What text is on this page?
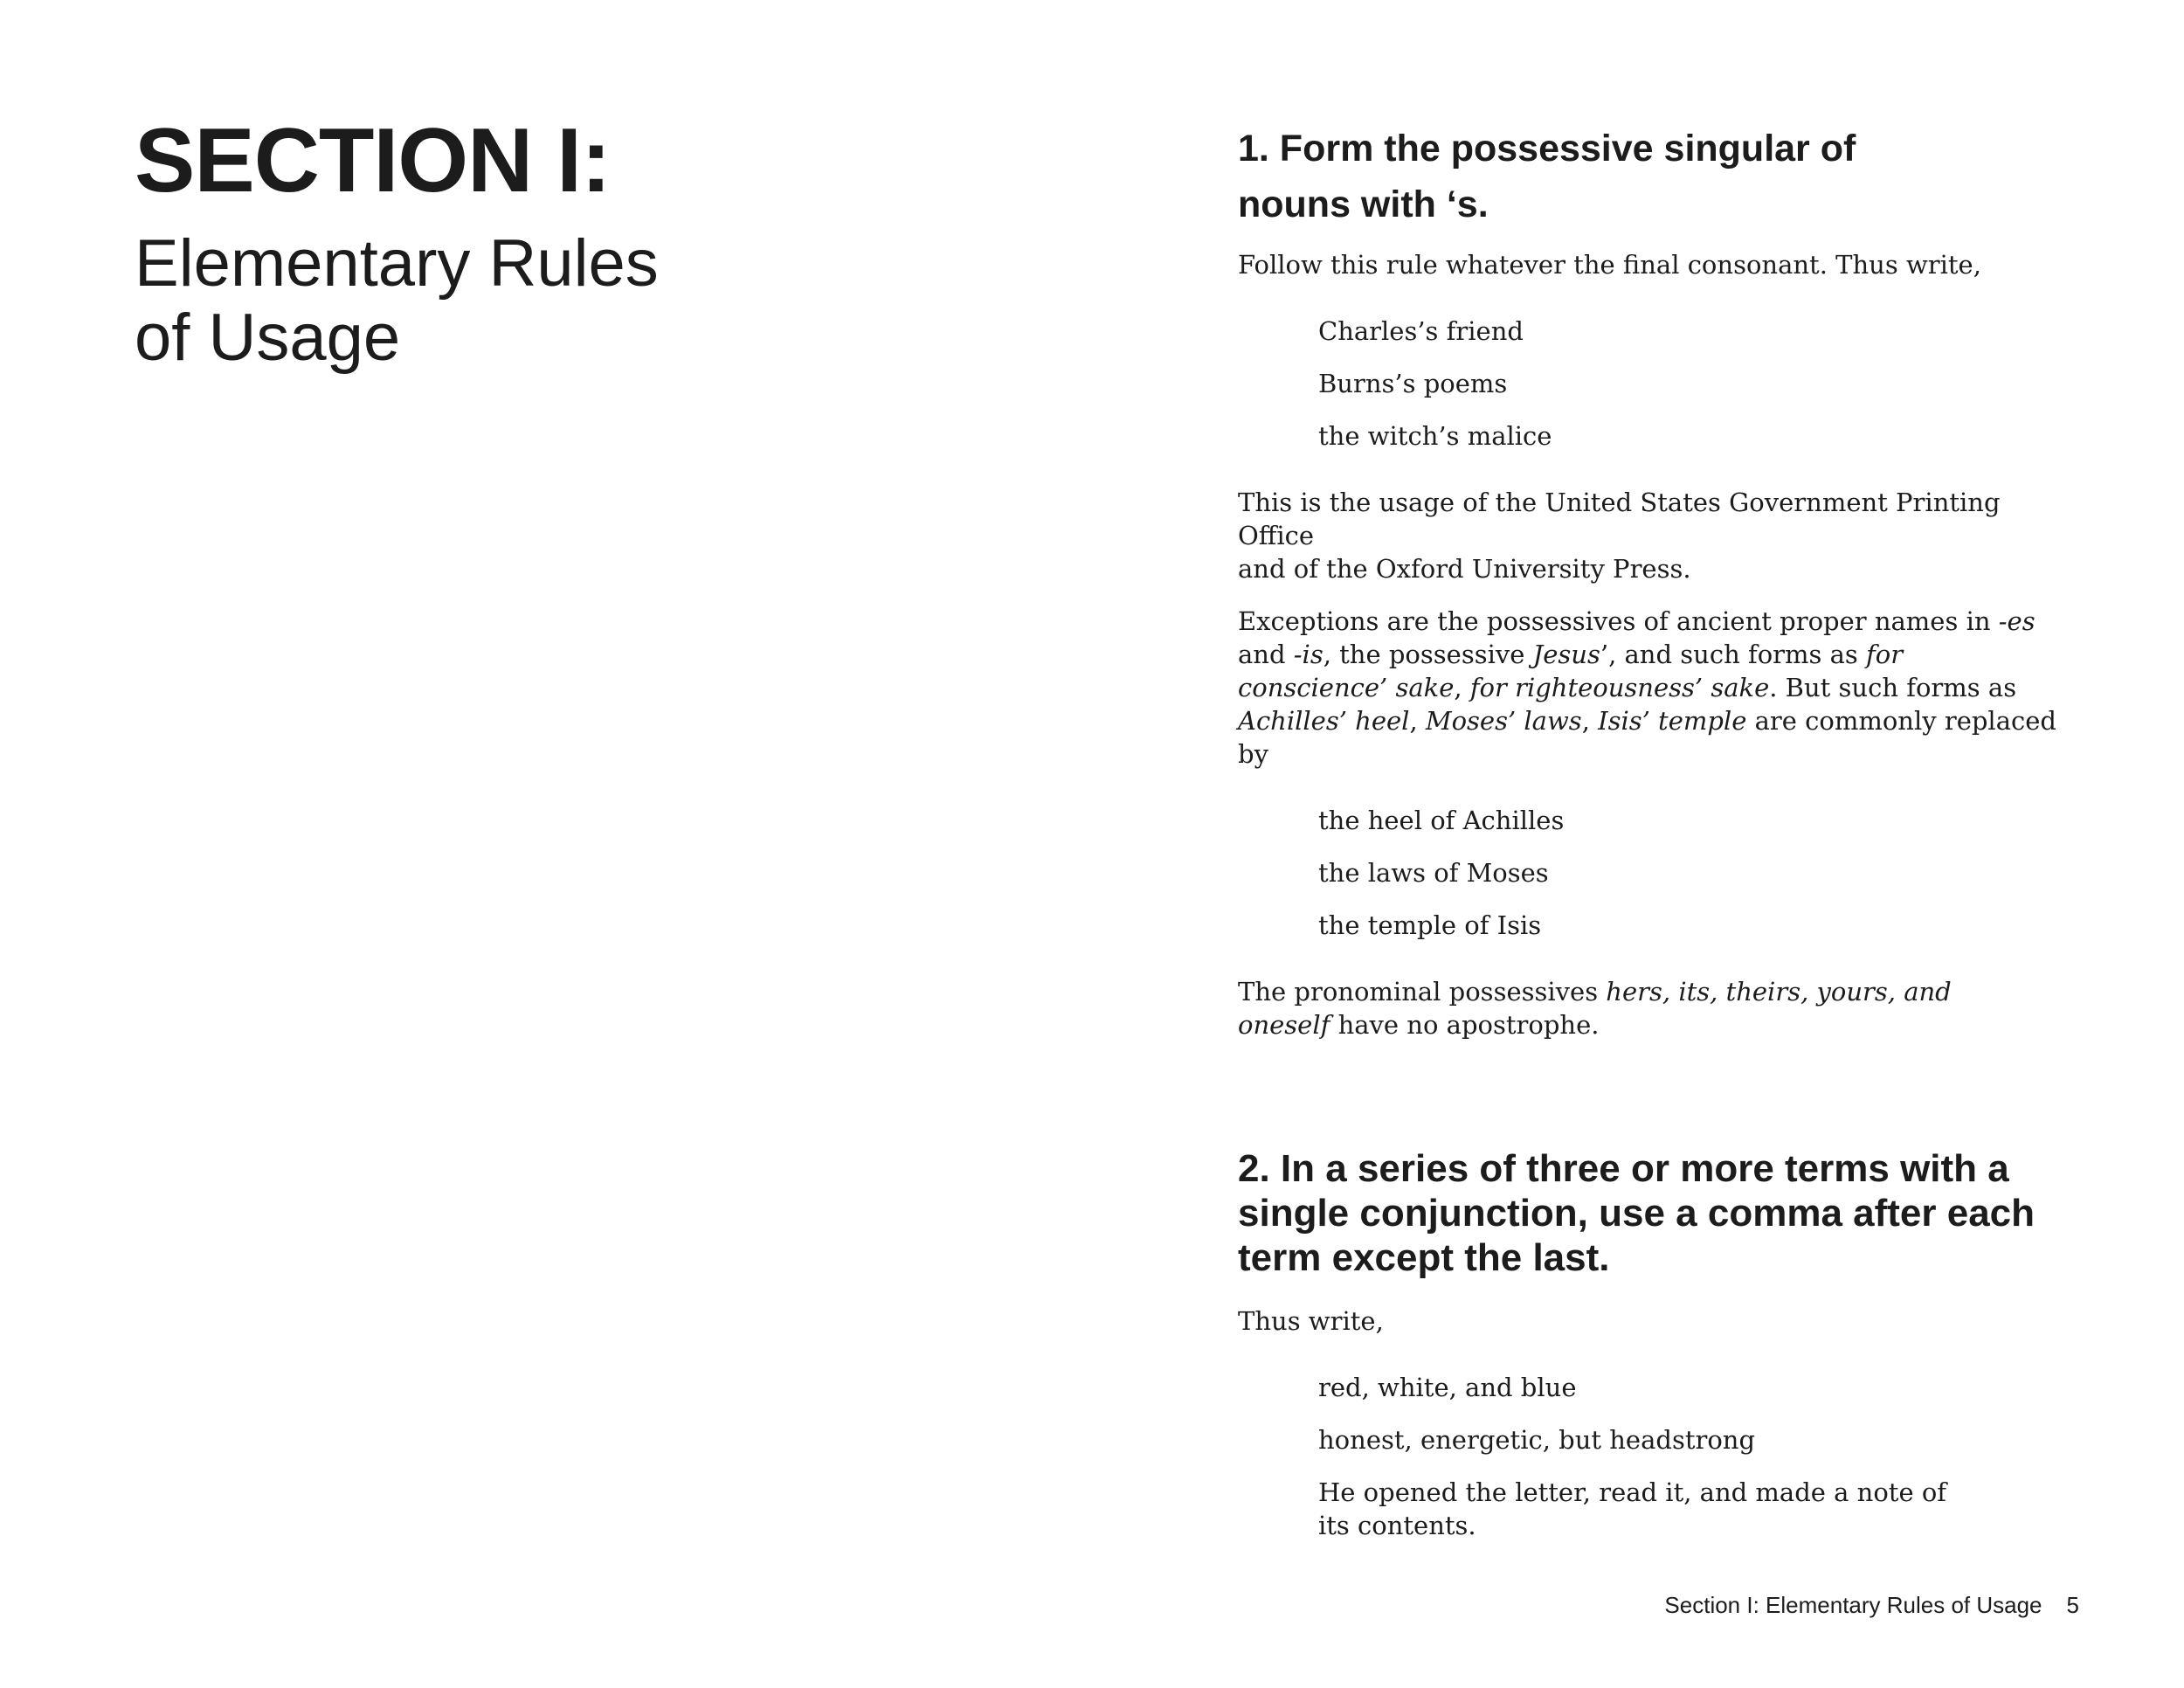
SECTION I:
Elementary Rules
of Usage
1. Form the possessive singular of
nouns with ‘s.

Follow this rule whatever the final consonant. Thus write,

Charles’s friend

Burns’s poems

the witch’s malice

This is the usage of the United States Government Printing Office
and of the Oxford University Press.

Exceptions are the possessives of ancient proper names in -es and -is, the possessive Jesus’, and such forms as for conscience’ sake, for righteousness’ sake. But such forms as Achilles’ heel, Moses’ laws, Isis’ temple are commonly replaced by

the heel of Achilles

the laws of Moses

the temple of Isis

The pronominal possessives hers, its, theirs, yours, and oneself have no apostrophe.

2. In a series of three or more terms with a single conjunction, use a comma after each term except the last.

Thus write,

red, white, and blue

honest, energetic, but headstrong

He opened the letter, read it, and made a note of its contents.

Section I: Elementary Rules of Usage 5
